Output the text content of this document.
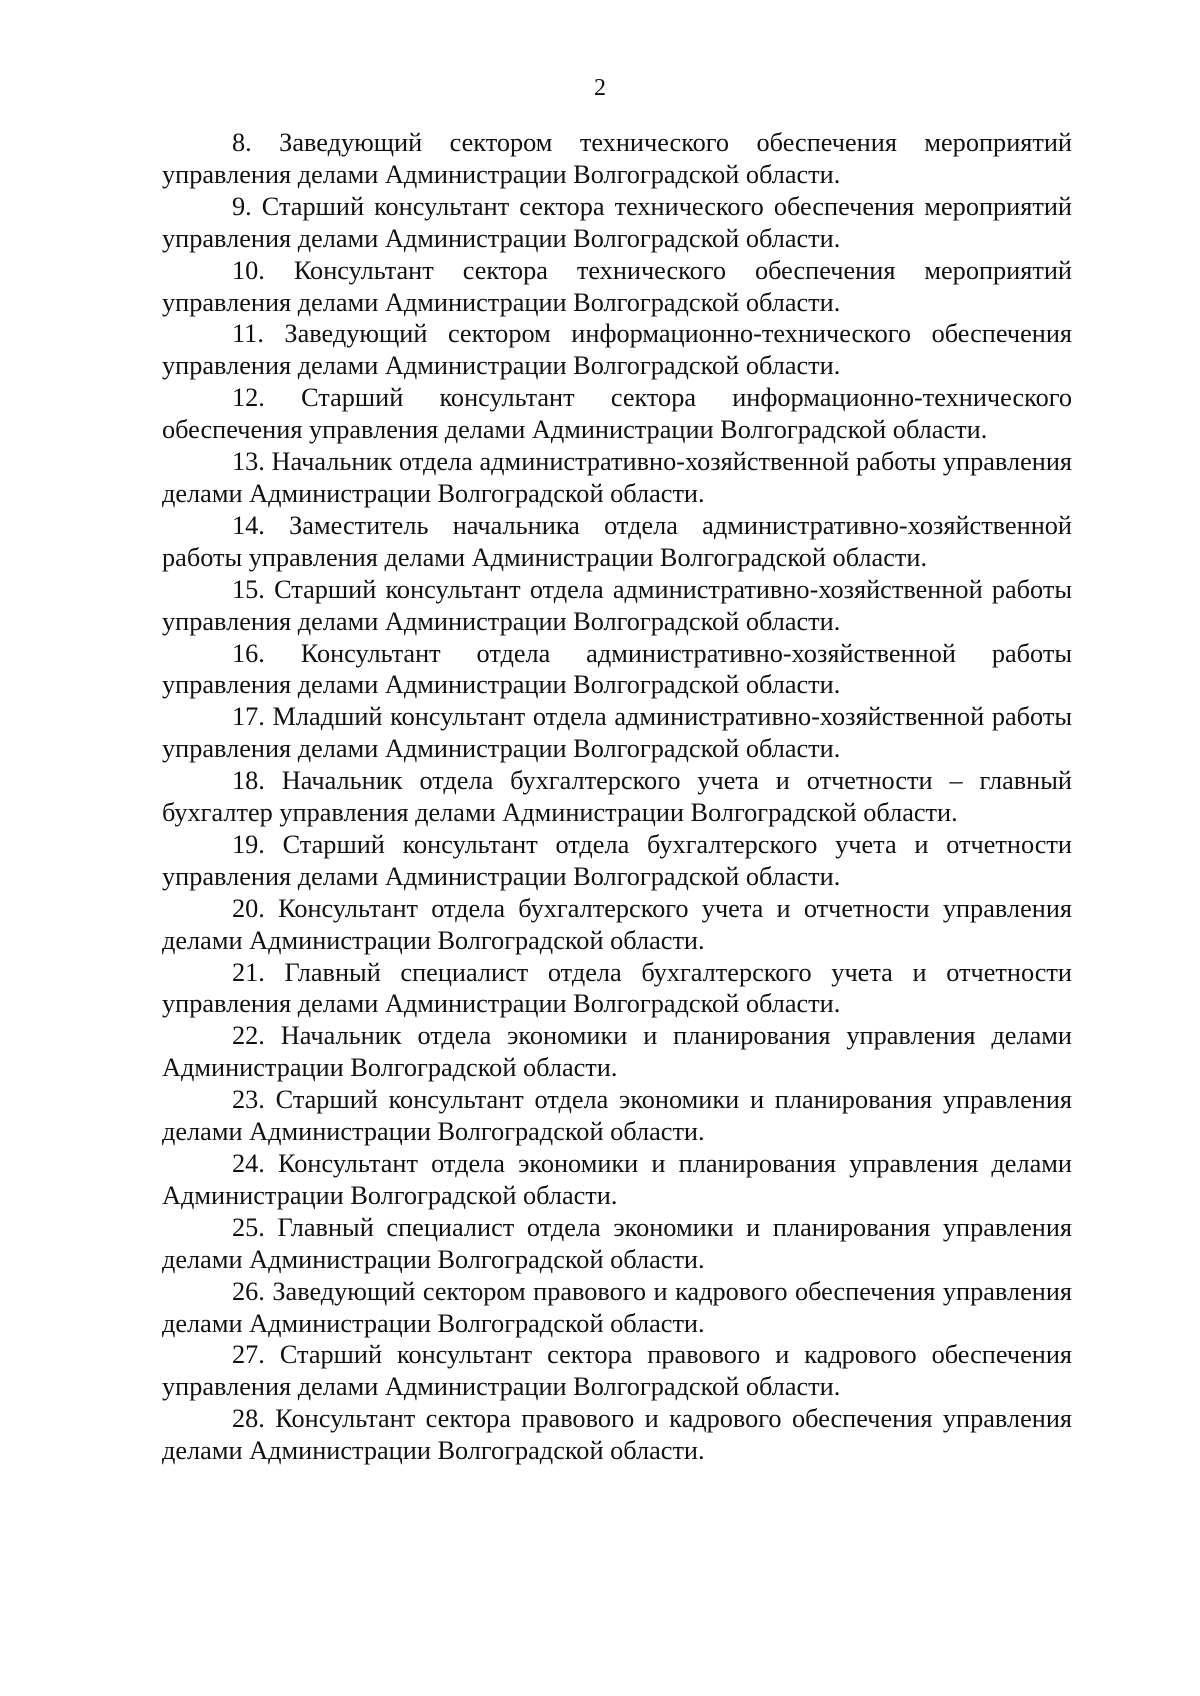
2

8. Заведующий сектором технического обеспечения мероприятий управления делами Администрации Волгоградской области.

9. Старший консультант сектора технического обеспечения мероприятий управления делами Администрации Волгоградской области.

10. Консультант сектора технического обеспечения мероприятий управления делами Администрации Волгоградской области.

11. Заведующий сектором информационно-технического обеспечения управления делами Администрации Волгоградской области.

12. Старший консультант сектора информационно-технического обеспечения управления делами Администрации Волгоградской области.

13. Начальник отдела административно-хозяйственной работы управления делами Администрации Волгоградской области.

14. Заместитель начальника отдела административно-хозяйственной работы управления делами Администрации Волгоградской области.

15. Старший консультант отдела административно-хозяйственной работы управления делами Администрации Волгоградской области.

16. Консультант отдела административно-хозяйственной работы управления делами Администрации Волгоградской области.

17. Младший консультант отдела административно-хозяйственной работы управления делами Администрации Волгоградской области.

18. Начальник отдела бухгалтерского учета и отчетности – главный бухгалтер управления делами Администрации Волгоградской области.

19. Старший консультант отдела бухгалтерского учета и отчетности управления делами Администрации Волгоградской области.

20. Консультант отдела бухгалтерского учета и отчетности управления делами Администрации Волгоградской области.

21. Главный специалист отдела бухгалтерского учета и отчетности управления делами Администрации Волгоградской области.

22. Начальник отдела экономики и планирования управления делами Администрации Волгоградской области.

23. Старший консультант отдела экономики и планирования управления делами Администрации Волгоградской области.

24. Консультант отдела экономики и планирования управления делами Администрации Волгоградской области.

25. Главный специалист отдела экономики и планирования управления делами Администрации Волгоградской области.

26. Заведующий сектором правового и кадрового обеспечения управления делами Администрации Волгоградской области.

27. Старший консультант сектора правового и кадрового обеспечения управления делами Администрации Волгоградской области.

28. Консультант сектора правового и кадрового обеспечения управления делами Администрации Волгоградской области.
